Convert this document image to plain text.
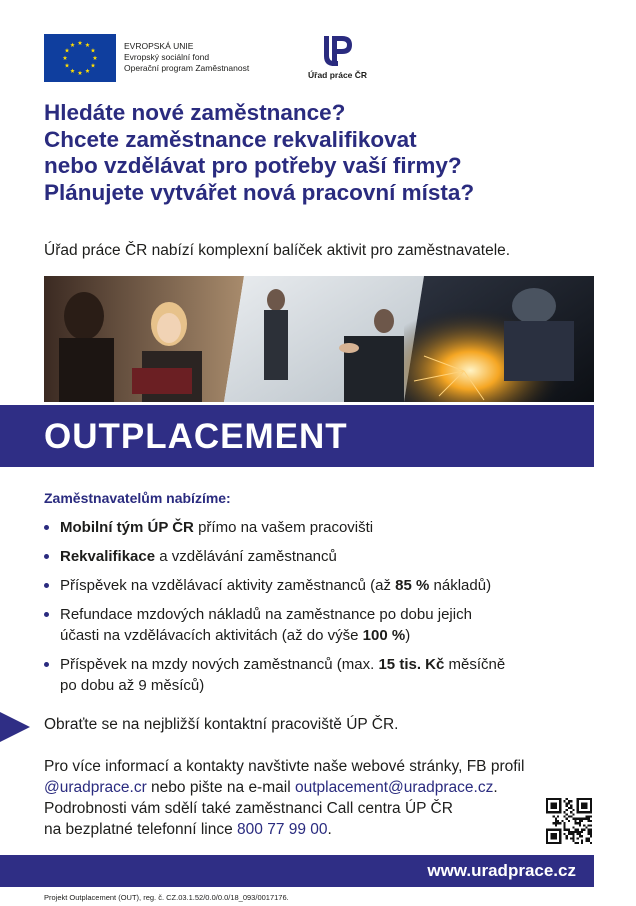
EVROPSKÁ UNIE
Evropský sociální fond
Operační program Zaměstnanost
Úřad práce ČR
Hledáte nové zaměstnance?
Chcete zaměstnance rekvalifikovat
nebo vzdělávat pro potřeby vaší firmy?
Plánujete vytvářet nová pracovní místa?
Úřad práce ČR nabízí komplexní balíček aktivit pro zaměstnavatele.
OUTPLACEMENT
Zaměstnavatelům nabízíme:
Mobilní tým ÚP ČR přímo na vašem pracovišti
Rekvalifikace a vzdělávání zaměstnanců
Příspěvek na vzdělávací aktivity zaměstnanců (až 85 % nákladů)
Refundace mzdových nákladů na zaměstnance po dobu jejich
účasti na vzdělávacích aktivitách (až do výše 100 %)
Příspěvek na mzdy nových zaměstnanců (max. 15 tis. Kč měsíčně
po dobu až 9 měsíců)
Obraťte se na nejbližší kontaktní pracoviště ÚP ČR.
Pro více informací a kontakty navštivte naše webové stránky, FB profil
@uradprace.cr nebo pište na e-mail outplacement@uradprace.cz.
Podrobnosti vám sdělí také zaměstnanci Call centra ÚP ČR
na bezplatné telefonní lince 800 77 99 00.
www.uradprace.cz
Projekt Outplacement (OUT), reg. č. CZ.03.1.52/0.0/0.0/18_093/0017176.
